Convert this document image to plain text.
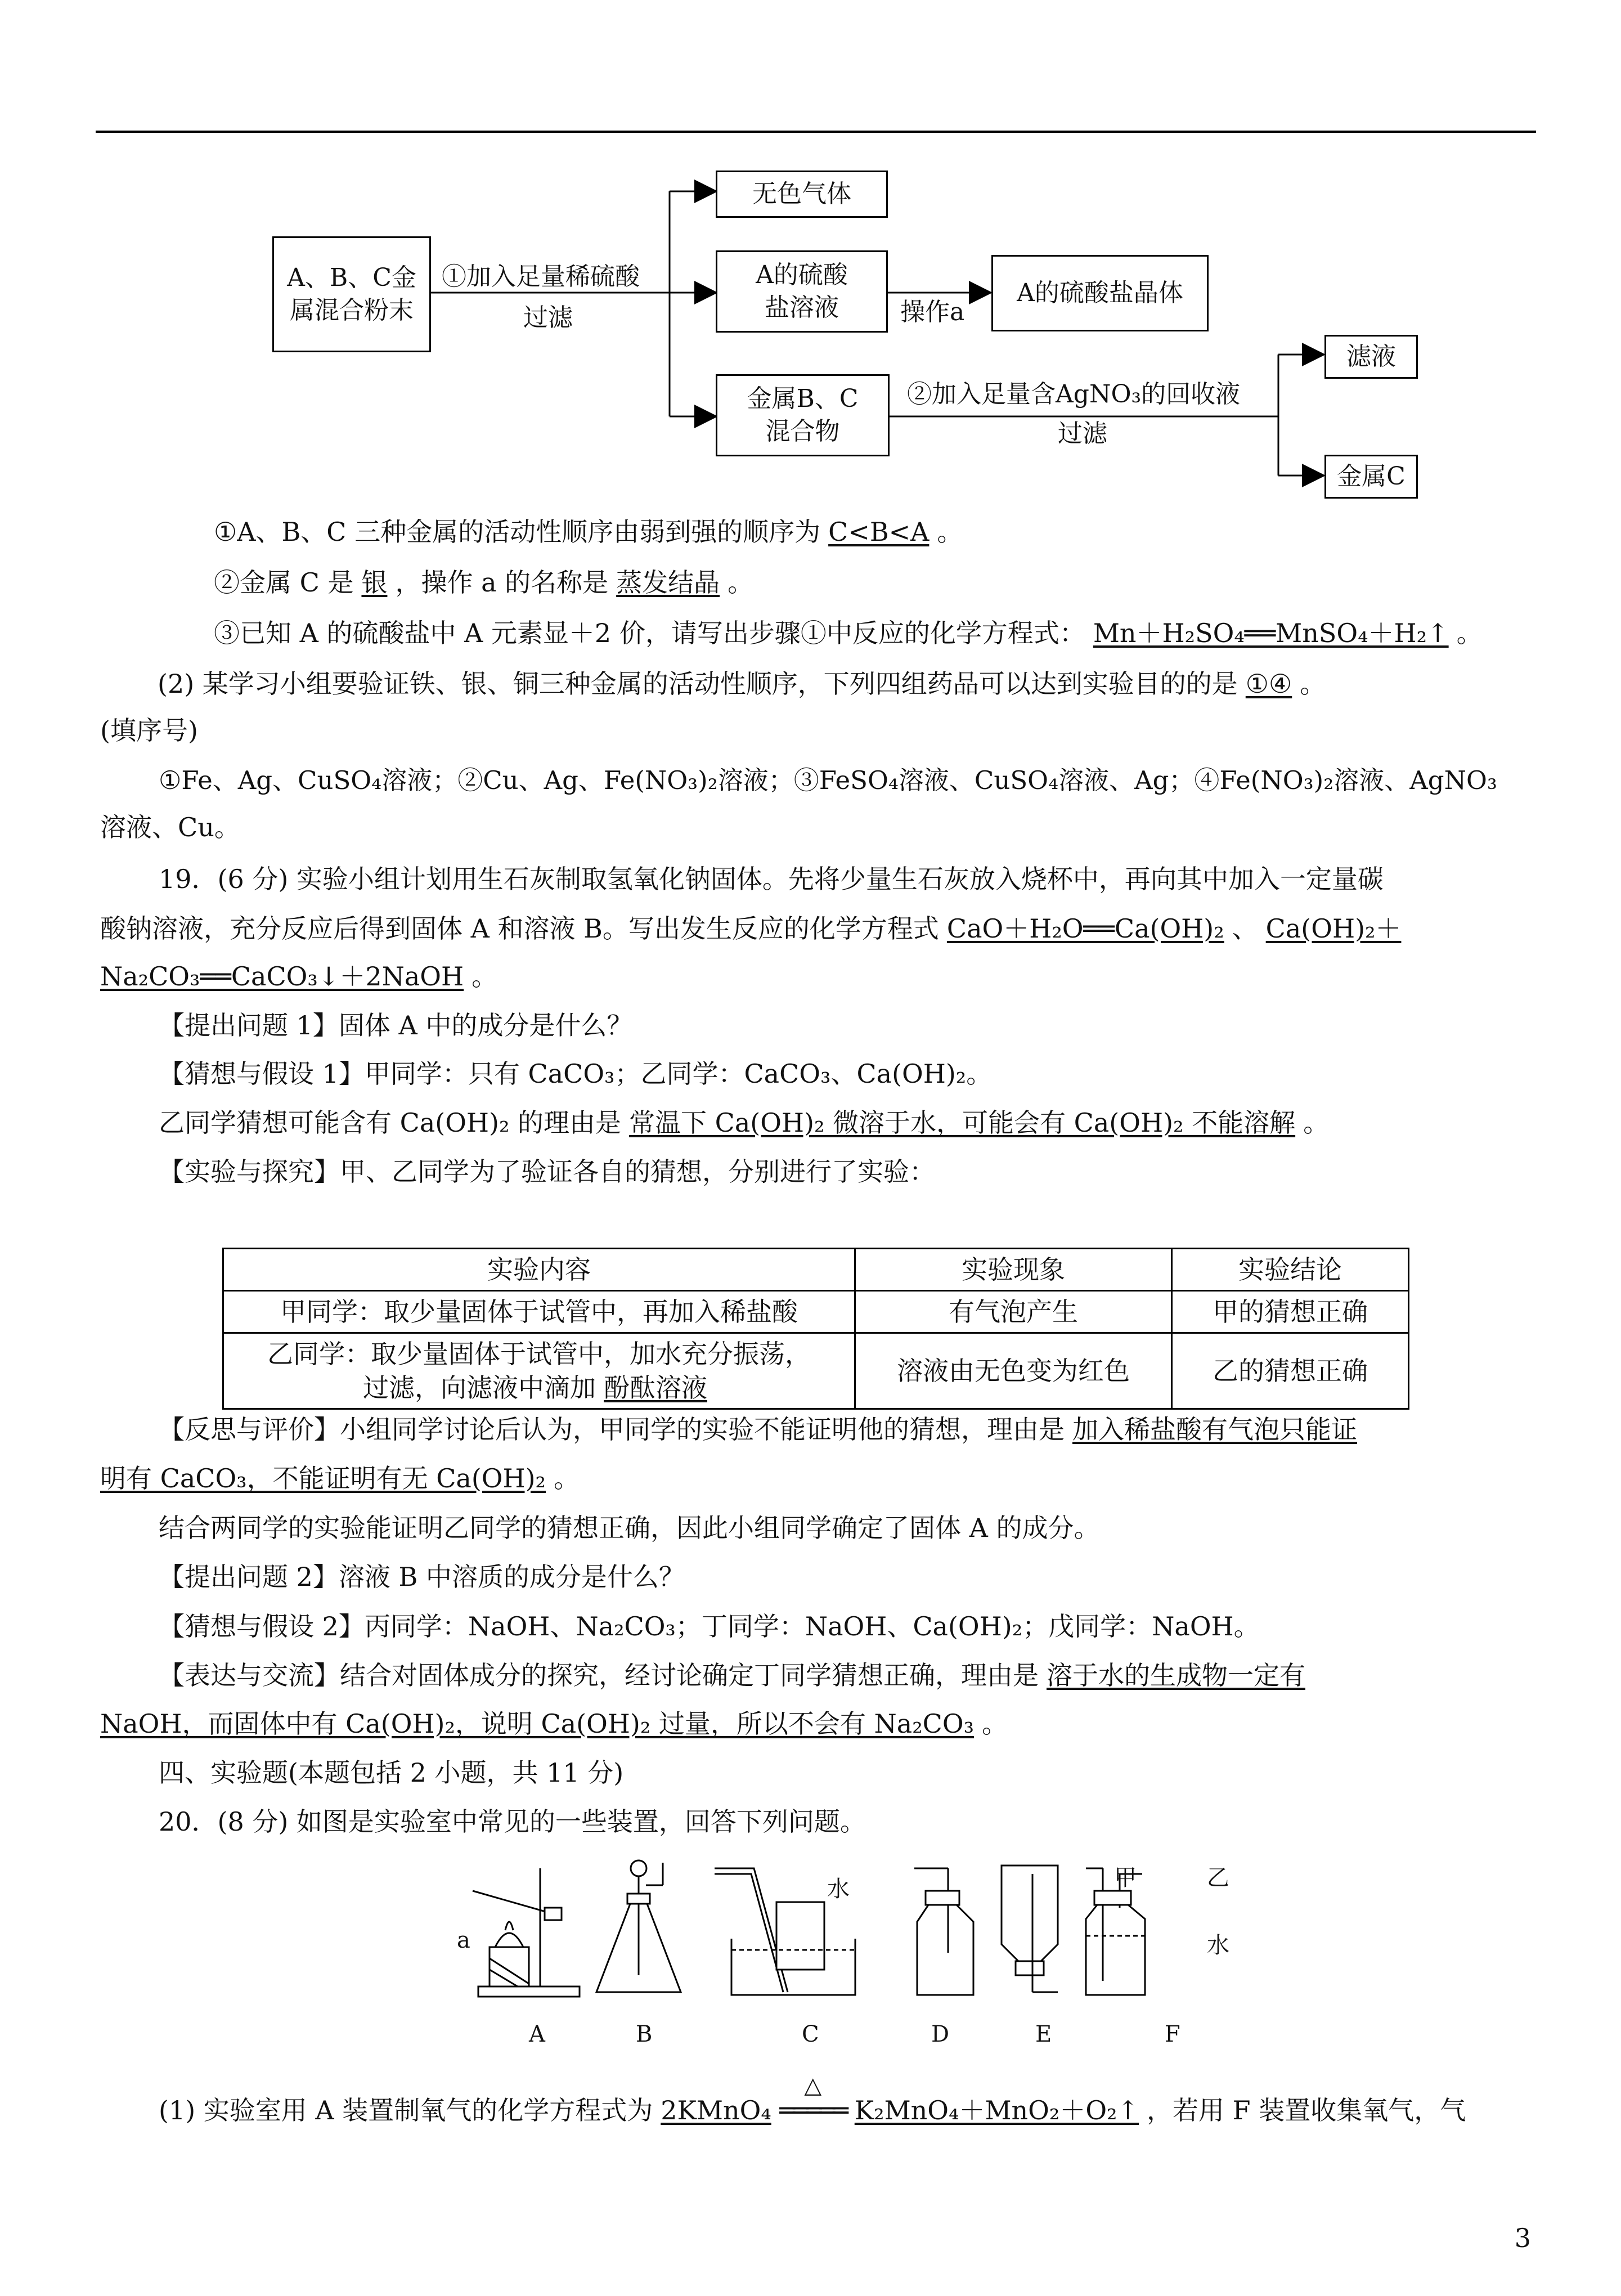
A、B、C金属混合粉末
①加入足量稀硫酸
过滤
无色气体
A的硫酸盐溶液	操作a
A的硫酸盐晶体
金属B、C混合物
②加入足量含AgNO₃的回收液
过滤
滤液
金属C
①A、B、C 三种金属的活动性顺序由弱到强的顺序为 C<B<A 。
②金属 C 是 银 ，操作 a 的名称是 蒸发结晶 。
③已知 A 的硫酸盐中 A 元素显＋2 价，请写出步骤①中反应的化学方程式： Mn＋H₂SO₄══MnSO₄＋H₂↑ 。
(2) 某学习小组要验证铁、银、铜三种金属的活动性顺序，下列四组药品可以达到实验目的的是 ①④ 。
(填序号)
①Fe、Ag、CuSO₄溶液；②Cu、Ag、Fe(NO₃)₂溶液；③FeSO₄溶液、CuSO₄溶液、Ag；④Fe(NO₃)₂溶液、AgNO₃
溶液、Cu。
19．(6 分) 实验小组计划用生石灰制取氢氧化钠固体。先将少量生石灰放入烧杯中，再向其中加入一定量碳
酸钠溶液，充分反应后得到固体 A 和溶液 B。写出发生反应的化学方程式 CaO＋H₂O══Ca(OH)₂ 、 Ca(OH)₂＋
Na₂CO₃══CaCO₃↓＋2NaOH 。
【提出问题 1】固体 A 中的成分是什么？
【猜想与假设 1】甲同学：只有 CaCO₃；乙同学：CaCO₃、Ca(OH)₂。
乙同学猜想可能含有 Ca(OH)₂ 的理由是 常温下 Ca(OH)₂ 微溶于水，可能会有 Ca(OH)₂ 不能溶解 。
【实验与探究】甲、乙同学为了验证各自的猜想，分别进行了实验：
实验内容	实验现象	实验结论
甲同学：取少量固体于试管中，再加入稀盐酸	有气泡产生	甲的猜想正确

乙同学：取少量固体于试管中，加水充分振荡，
过滤，向滤液中滴加 酚酞溶液	溶液由无色变为红色	乙的猜想正确
【反思与评价】小组同学讨论后认为，甲同学的实验不能证明他的猜想，理由是 加入稀盐酸有气泡只能证
明有 CaCO₃，不能证明有无 Ca(OH)₂ 。
结合两同学的实验能证明乙同学的猜想正确，因此小组同学确定了固体 A 的成分。
【提出问题 2】溶液 B 中溶质的成分是什么？
【猜想与假设 2】丙同学：NaOH、Na₂CO₃；丁同学：NaOH、Ca(OH)₂；戊同学：NaOH。
【表达与交流】结合对固体成分的探究，经讨论确定丁同学猜想正确，理由是 溶于水的生成物一定有
NaOH，而固体中有 Ca(OH)₂，说明 Ca(OH)₂ 过量，所以不会有 Na₂CO₃ 。
四、实验题(本题包括 2 小题，共 11 分)
20．(8 分) 如图是实验室中常见的一些装置，回答下列问题。
a
水	甲	乙
水
A	B	C	D	E	F
(1) 实验室用 A 装置制氧气的化学方程式为 2KMnO₄
△
═════ K₂MnO₄＋MnO₂＋O₂↑ ，若用 F 装置收集氧气，气
3
